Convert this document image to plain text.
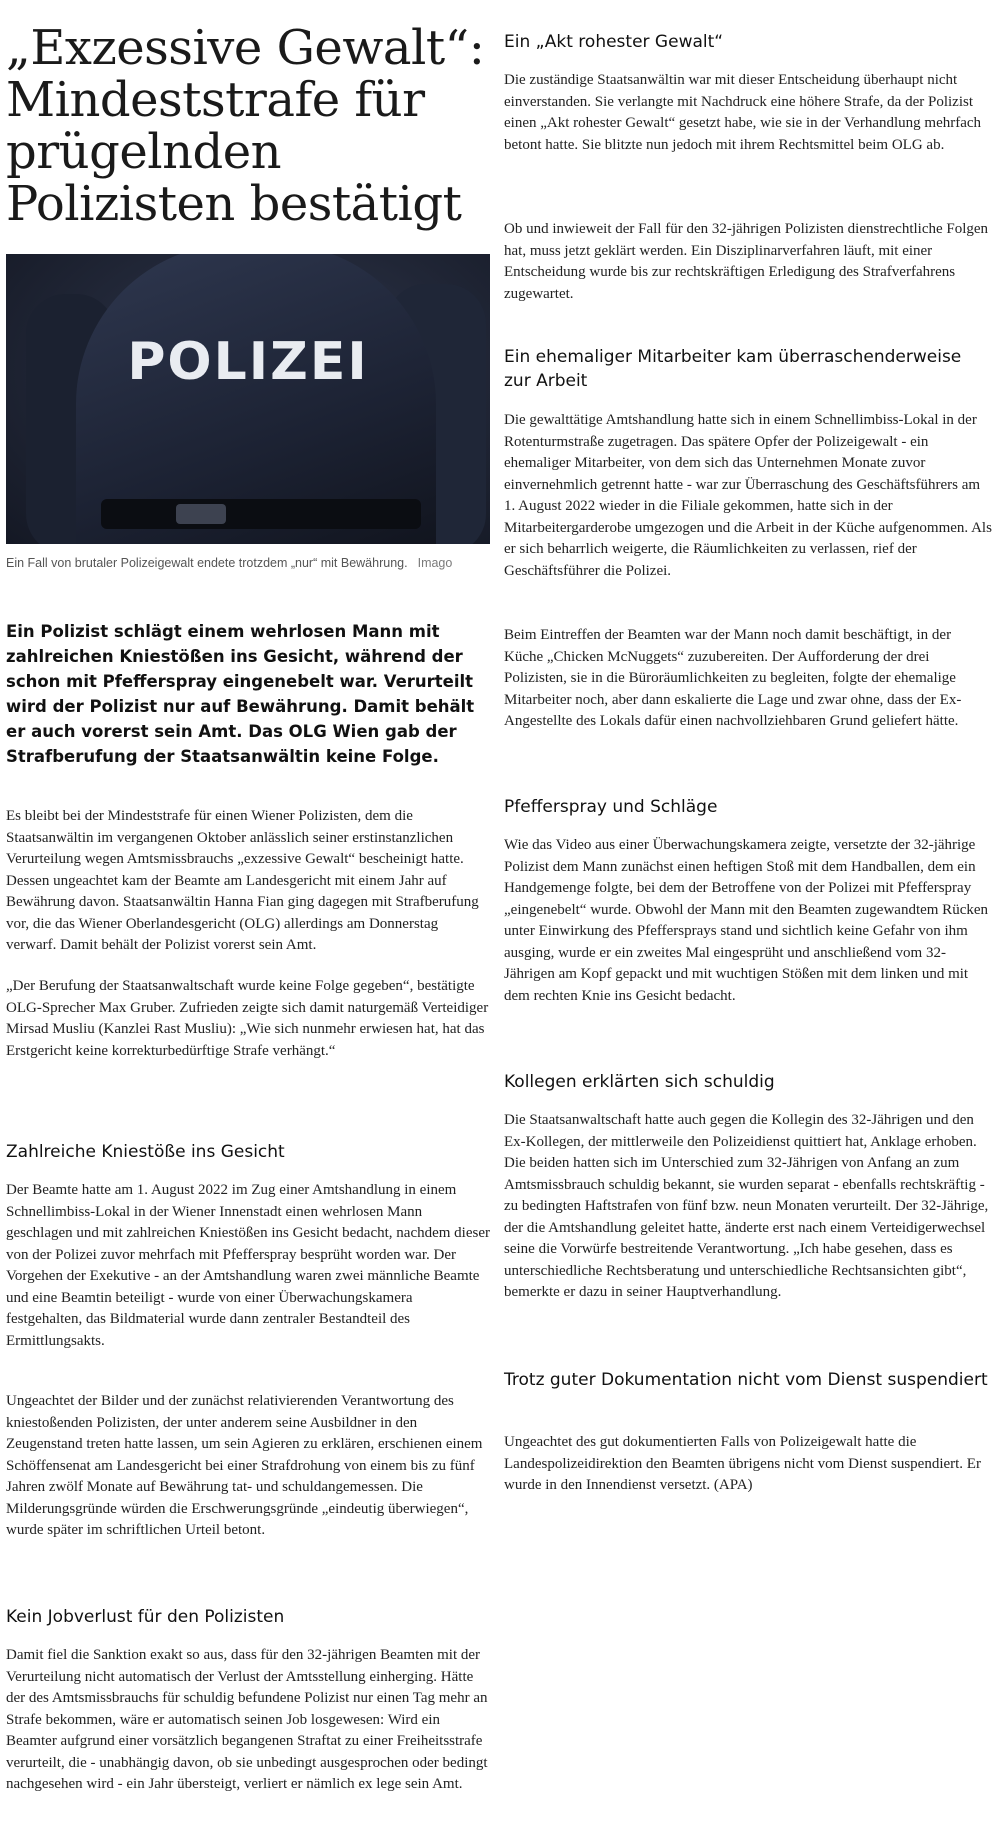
„Exzessive Gewalt“: Mindeststrafe für prügelnden Polizisten bestätigt
POLIZEI
Ein Fall von brutaler Polizeigewalt endete trotzdem „nur“ mit Bewährung. Imago

Ein Polizist schlägt einem wehrlosen Mann mit zahlreichen Kniestößen ins Gesicht, während der schon mit Pfefferspray eingenebelt war. Verurteilt wird der Polizist nur auf Bewährung. Damit behält er auch vorerst sein Amt. Das OLG Wien gab der Strafberufung der Staatsanwältin keine Folge.

Es bleibt bei der Mindeststrafe für einen Wiener Polizisten, dem die Staatsanwältin im vergangenen Oktober anlässlich seiner erstinstanzlichen Verurteilung wegen Amtsmissbrauchs „exzessive Gewalt“ bescheinigt hatte. Dessen ungeachtet kam der Beamte am Landesgericht mit einem Jahr auf Bewährung davon. Staatsanwältin Hanna Fian ging dagegen mit Strafberufung vor, die das Wiener Oberlandesgericht (OLG) allerdings am Donnerstag verwarf. Damit behält der Polizist vorerst sein Amt.

„Der Berufung der Staatsanwaltschaft wurde keine Folge gegeben“, bestätigte OLG-Sprecher Max Gruber. Zufrieden zeigte sich damit naturgemäß Verteidiger Mirsad Musliu (Kanzlei Rast Musliu): „Wie sich nunmehr erwiesen hat, hat das Erstgericht keine korrekturbedürftige Strafe verhängt.“

Zahlreiche Kniestöße ins Gesicht

Der Beamte hatte am 1. August 2022 im Zug einer Amtshandlung in einem Schnellimbiss-Lokal in der Wiener Innenstadt einen wehrlosen Mann geschlagen und mit zahlreichen Kniestößen ins Gesicht bedacht, nachdem dieser von der Polizei zuvor mehrfach mit Pfefferspray besprüht worden war. Der Vorgehen der Exekutive - an der Amtshandlung waren zwei männliche Beamte und eine Beamtin beteiligt - wurde von einer Überwachungskamera festgehalten, das Bildmaterial wurde dann zentraler Bestandteil des Ermittlungsakts.

Ungeachtet der Bilder und der zunächst relativierenden Verantwortung des kniestoßenden Polizisten, der unter anderem seine Ausbildner in den Zeugenstand treten hatte lassen, um sein Agieren zu erklären, erschienen einem Schöffensenat am Landesgericht bei einer Strafdrohung von einem bis zu fünf Jahren zwölf Monate auf Bewährung tat- und schuldangemessen. Die Milderungsgründe würden die Erschwerungsgründe „eindeutig überwiegen“, wurde später im schriftlichen Urteil betont.

Kein Jobverlust für den Polizisten

Damit fiel die Sanktion exakt so aus, dass für den 32-jährigen Beamten mit der Verurteilung nicht automatisch der Verlust der Amtsstellung einherging. Hätte der des Amtsmissbrauchs für schuldig befundene Polizist nur einen Tag mehr an Strafe bekommen, wäre er automatisch seinen Job losgewesen: Wird ein Beamter aufgrund einer vorsätzlich begangenen Straftat zu einer Freiheitsstrafe verurteilt, die - unabhängig davon, ob sie unbedingt ausgesprochen oder bedingt nachgesehen wird - ein Jahr übersteigt, verliert er nämlich ex lege sein Amt.

Ein „Akt rohester Gewalt“

Die zuständige Staatsanwältin war mit dieser Entscheidung überhaupt nicht einverstanden. Sie verlangte mit Nachdruck eine höhere Strafe, da der Polizist einen „Akt rohester Gewalt“ gesetzt habe, wie sie in der Verhandlung mehrfach betont hatte. Sie blitzte nun jedoch mit ihrem Rechtsmittel beim OLG ab.

Ob und inwieweit der Fall für den 32-jährigen Polizisten dienstrechtliche Folgen hat, muss jetzt geklärt werden. Ein Disziplinarverfahren läuft, mit einer Entscheidung wurde bis zur rechtskräftigen Erledigung des Strafverfahrens zugewartet.

Ein ehemaliger Mitarbeiter kam überraschenderweise zur Arbeit

Die gewalttätige Amtshandlung hatte sich in einem Schnellimbiss-Lokal in der Rotenturmstraße zugetragen. Das spätere Opfer der Polizeigewalt - ein ehemaliger Mitarbeiter, von dem sich das Unternehmen Monate zuvor einvernehmlich getrennt hatte - war zur Überraschung des Geschäftsführers am 1. August 2022 wieder in die Filiale gekommen, hatte sich in der Mitarbeitergarderobe umgezogen und die Arbeit in der Küche aufgenommen. Als er sich beharrlich weigerte, die Räumlichkeiten zu verlassen, rief der Geschäftsführer die Polizei.

Beim Eintreffen der Beamten war der Mann noch damit beschäftigt, in der Küche „Chicken McNuggets“ zuzubereiten. Der Aufforderung der drei Polizisten, sie in die Büroräumlichkeiten zu begleiten, folgte der ehemalige Mitarbeiter noch, aber dann eskalierte die Lage und zwar ohne, dass der Ex-Angestellte des Lokals dafür einen nachvollziehbaren Grund geliefert hätte.

Pfefferspray und Schläge

Wie das Video aus einer Überwachungskamera zeigte, versetzte der 32-jährige Polizist dem Mann zunächst einen heftigen Stoß mit dem Handballen, dem ein Handgemenge folgte, bei dem der Betroffene von der Polizei mit Pfefferspray „eingenebelt“ wurde. Obwohl der Mann mit den Beamten zugewandtem Rücken unter Einwirkung des Pfeffersprays stand und sichtlich keine Gefahr von ihm ausging, wurde er ein zweites Mal eingesprüht und anschließend vom 32-Jährigen am Kopf gepackt und mit wuchtigen Stößen mit dem linken und mit dem rechten Knie ins Gesicht bedacht.

Kollegen erklärten sich schuldig

Die Staatsanwaltschaft hatte auch gegen die Kollegin des 32-Jährigen und den Ex-Kollegen, der mittlerweile den Polizeidienst quittiert hat, Anklage erhoben. Die beiden hatten sich im Unterschied zum 32-Jährigen von Anfang an zum Amtsmissbrauch schuldig bekannt, sie wurden separat - ebenfalls rechtskräftig - zu bedingten Haftstrafen von fünf bzw. neun Monaten verurteilt. Der 32-Jährige, der die Amtshandlung geleitet hatte, änderte erst nach einem Verteidigerwechsel seine die Vorwürfe bestreitende Verantwortung. „Ich habe gesehen, dass es unterschiedliche Rechtsberatung und unterschiedliche Rechtsansichten gibt“, bemerkte er dazu in seiner Hauptverhandlung.

Trotz guter Dokumentation nicht vom Dienst suspendiert

Ungeachtet des gut dokumentierten Falls von Polizeigewalt hatte die Landespolizeidirektion den Beamten übrigens nicht vom Dienst suspendiert. Er wurde in den Innendienst versetzt. (APA)
